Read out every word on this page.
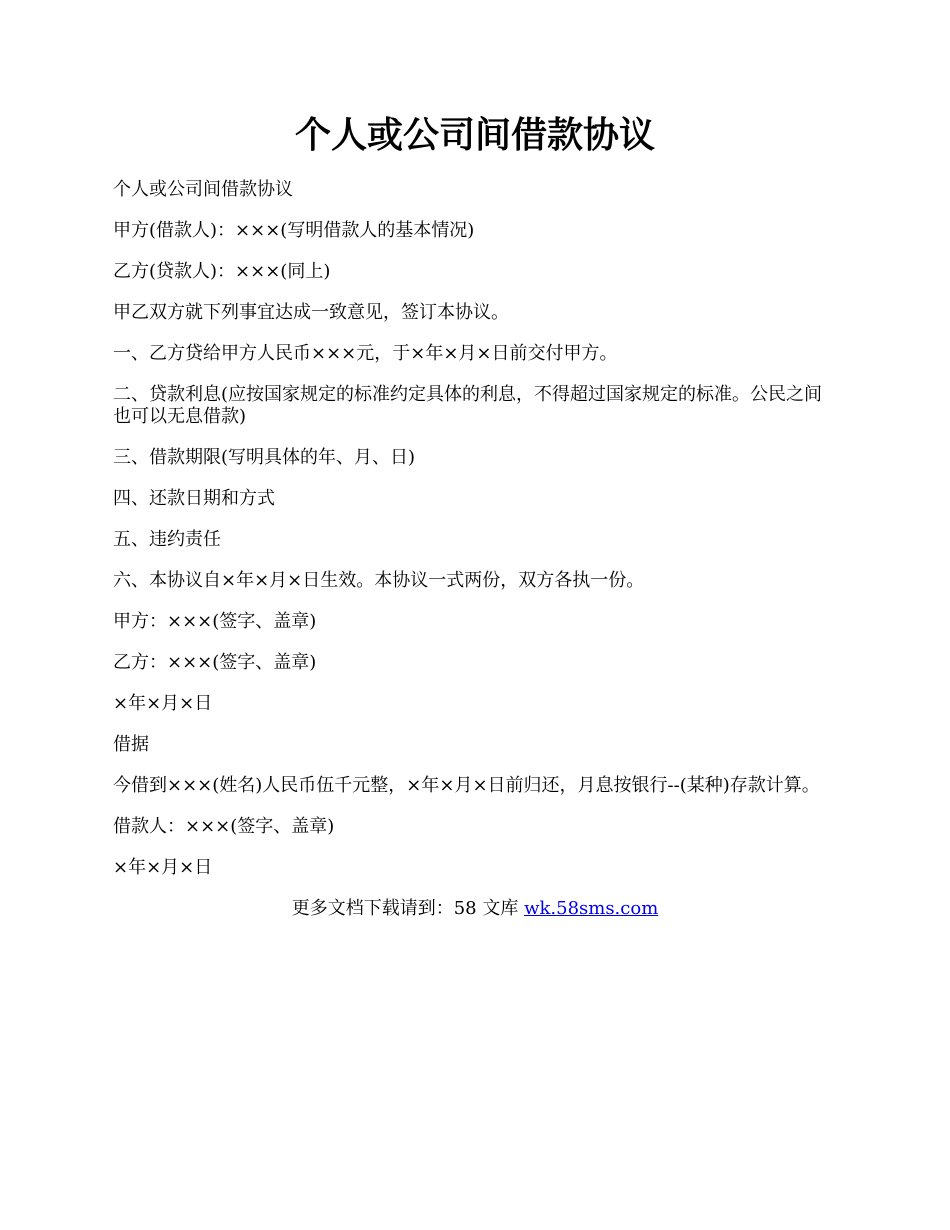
个人或公司间借款协议

个人或公司间借款协议

甲方(借款人)：×××(写明借款人的基本情况)

乙方(贷款人)：×××(同上)

甲乙双方就下列事宜达成一致意见，签订本协议。

一、乙方贷给甲方人民币×××元，于×年×月×日前交付甲方。

二、贷款利息(应按国家规定的标准约定具体的利息，不得超过国家规定的标准。公民之间也可以无息借款)

三、借款期限(写明具体的年、月、日)

四、还款日期和方式

五、违约责任

六、本协议自×年×月×日生效。本协议一式两份，双方各执一份。

甲方：×××(签字、盖章)

乙方：×××(签字、盖章)

×年×月×日

借据

今借到×××(姓名)人民币伍千元整，×年×月×日前归还，月息按银行--(某种)存款计算。

借款人：×××(签字、盖章)

×年×月×日

更多文档下载请到：58 文库 wk.58sms.com
